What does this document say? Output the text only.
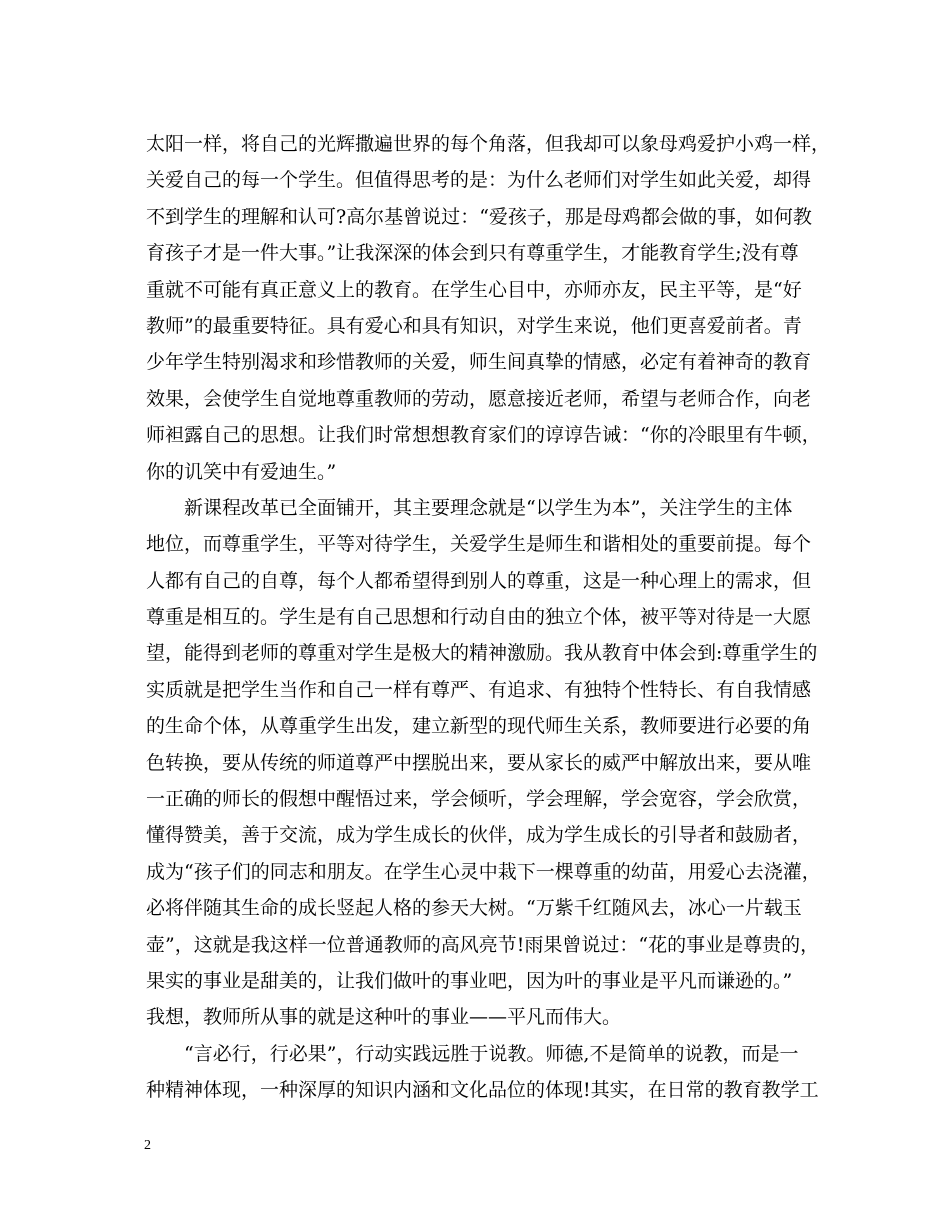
太阳一样，将自己的光辉撒遍世界的每个角落，但我却可以象母鸡爱护小鸡一样，
关爱自己的每一个学生。但值得思考的是：为什么老师们对学生如此关爱，却得
不到学生的理解和认可?高尔基曾说过：“爱孩子，那是母鸡都会做的事，如何教
育孩子才是一件大事。”让我深深的体会到只有尊重学生，才能教育学生;没有尊
重就不可能有真正意义上的教育。在学生心目中，亦师亦友，民主平等，是“好
教师”的最重要特征。具有爱心和具有知识，对学生来说，他们更喜爱前者。青
少年学生特别渴求和珍惜教师的关爱，师生间真挚的情感，必定有着神奇的教育
效果，会使学生自觉地尊重教师的劳动，愿意接近老师，希望与老师合作，向老
师袒露自己的思想。让我们时常想想教育家们的谆谆告诫：“你的冷眼里有牛顿，
你的讥笑中有爱迪生。”
新课程改革已全面铺开，其主要理念就是“以学生为本”，关注学生的主体
地位，而尊重学生，平等对待学生，关爱学生是师生和谐相处的重要前提。每个
人都有自己的自尊，每个人都希望得到别人的尊重，这是一种心理上的需求，但
尊重是相互的。学生是有自己思想和行动自由的独立个体，被平等对待是一大愿
望，能得到老师的尊重对学生是极大的精神激励。我从教育中体会到:尊重学生的
实质就是把学生当作和自己一样有尊严、有追求、有独特个性特长、有自我情感
的生命个体，从尊重学生出发，建立新型的现代师生关系，教师要进行必要的角
色转换，要从传统的师道尊严中摆脱出来，要从家长的威严中解放出来，要从唯
一正确的师长的假想中醒悟过来，学会倾听，学会理解，学会宽容，学会欣赏，
懂得赞美，善于交流，成为学生成长的伙伴，成为学生成长的引导者和鼓励者，
成为“孩子们的同志和朋友。在学生心灵中栽下一棵尊重的幼苗，用爱心去浇灌，
必将伴随其生命的成长竖起人格的参天大树。“万紫千红随风去，冰心一片载玉
壶”，这就是我这样一位普通教师的高风亮节!雨果曾说过：“花的事业是尊贵的，
果实的事业是甜美的，让我们做叶的事业吧，因为叶的事业是平凡而谦逊的。”
我想，教师所从事的就是这种叶的事业——平凡而伟大。
“言必行，行必果”，行动实践远胜于说教。师德,不是简单的说教，而是一
种精神体现，一种深厚的知识内涵和文化品位的体现!其实，在日常的教育教学工
2
